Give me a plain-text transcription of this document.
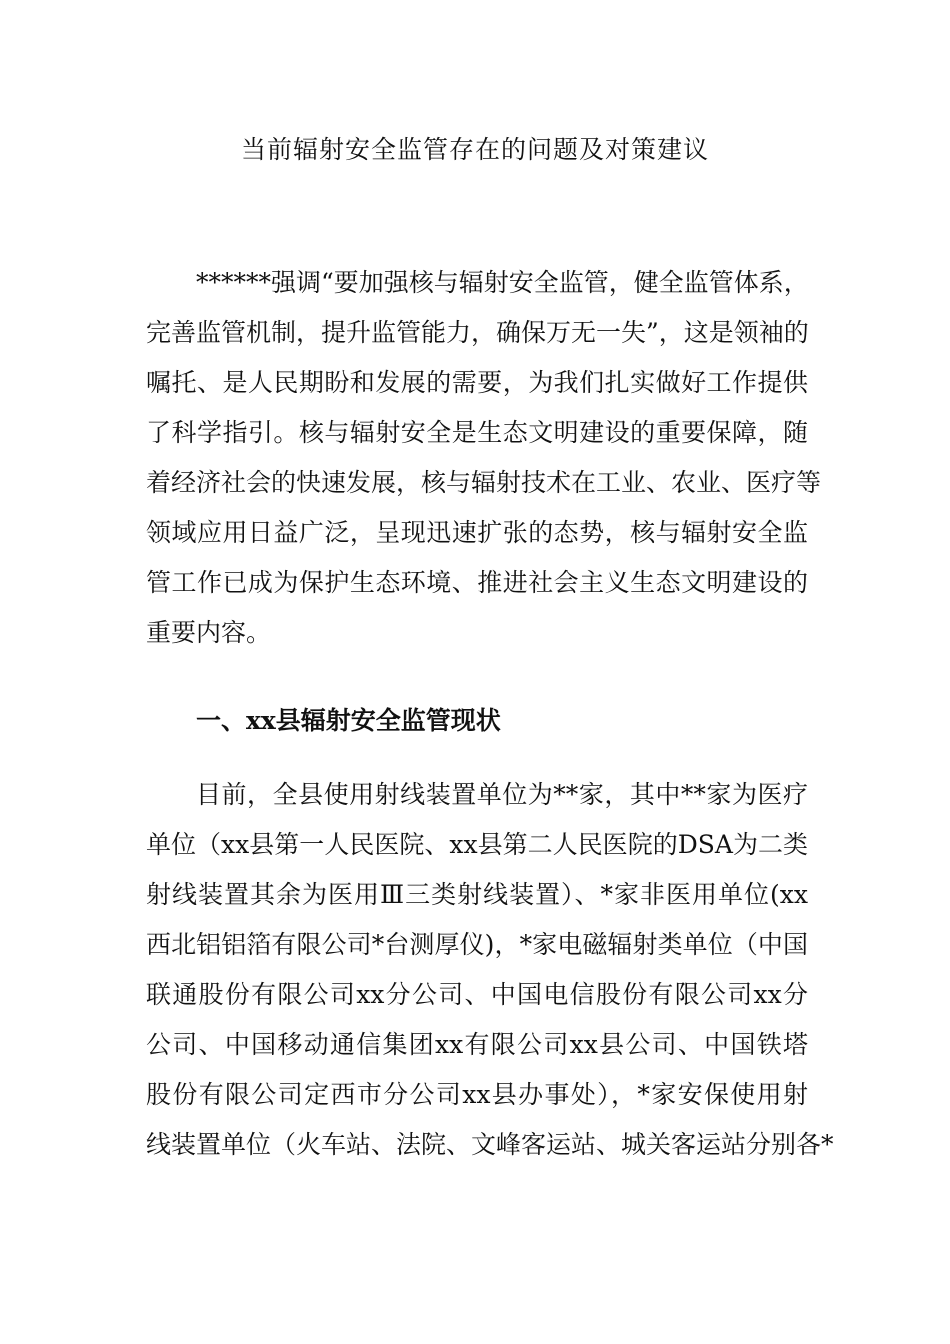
当前辐射安全监管存在的问题及对策建议
******强调“要加强核与辐射安全监管，健全监管体系，
完善监管机制，提升监管能力，确保万无一失”，这是领袖的
嘱托、是人民期盼和发展的需要，为我们扎实做好工作提供
了科学指引。核与辐射安全是生态文明建设的重要保障，随
着经济社会的快速发展，核与辐射技术在工业、农业、医疗等
领域应用日益广泛，呈现迅速扩张的态势，核与辐射安全监
管工作已成为保护生态环境、推进社会主义生态文明建设的
重要内容。
一、xx县辐射安全监管现状
目前，全县使用射线装置单位为**家，其中**家为医疗
单位（xx县第一人民医院、xx县第二人民医院的DSA为二类
射线装置其余为医用Ⅲ三类射线装置）、*家非医用单位(xx
西北铝铝箔有限公司*台测厚仪)，*家电磁辐射类单位（中国
联通股份有限公司xx分公司、中国电信股份有限公司xx分
公司、中国移动通信集团xx有限公司xx县公司、中国铁塔
股份有限公司定西市分公司xx县办事处），*家安保使用射
线装置单位（火车站、法院、文峰客运站、城关客运站分别各*
